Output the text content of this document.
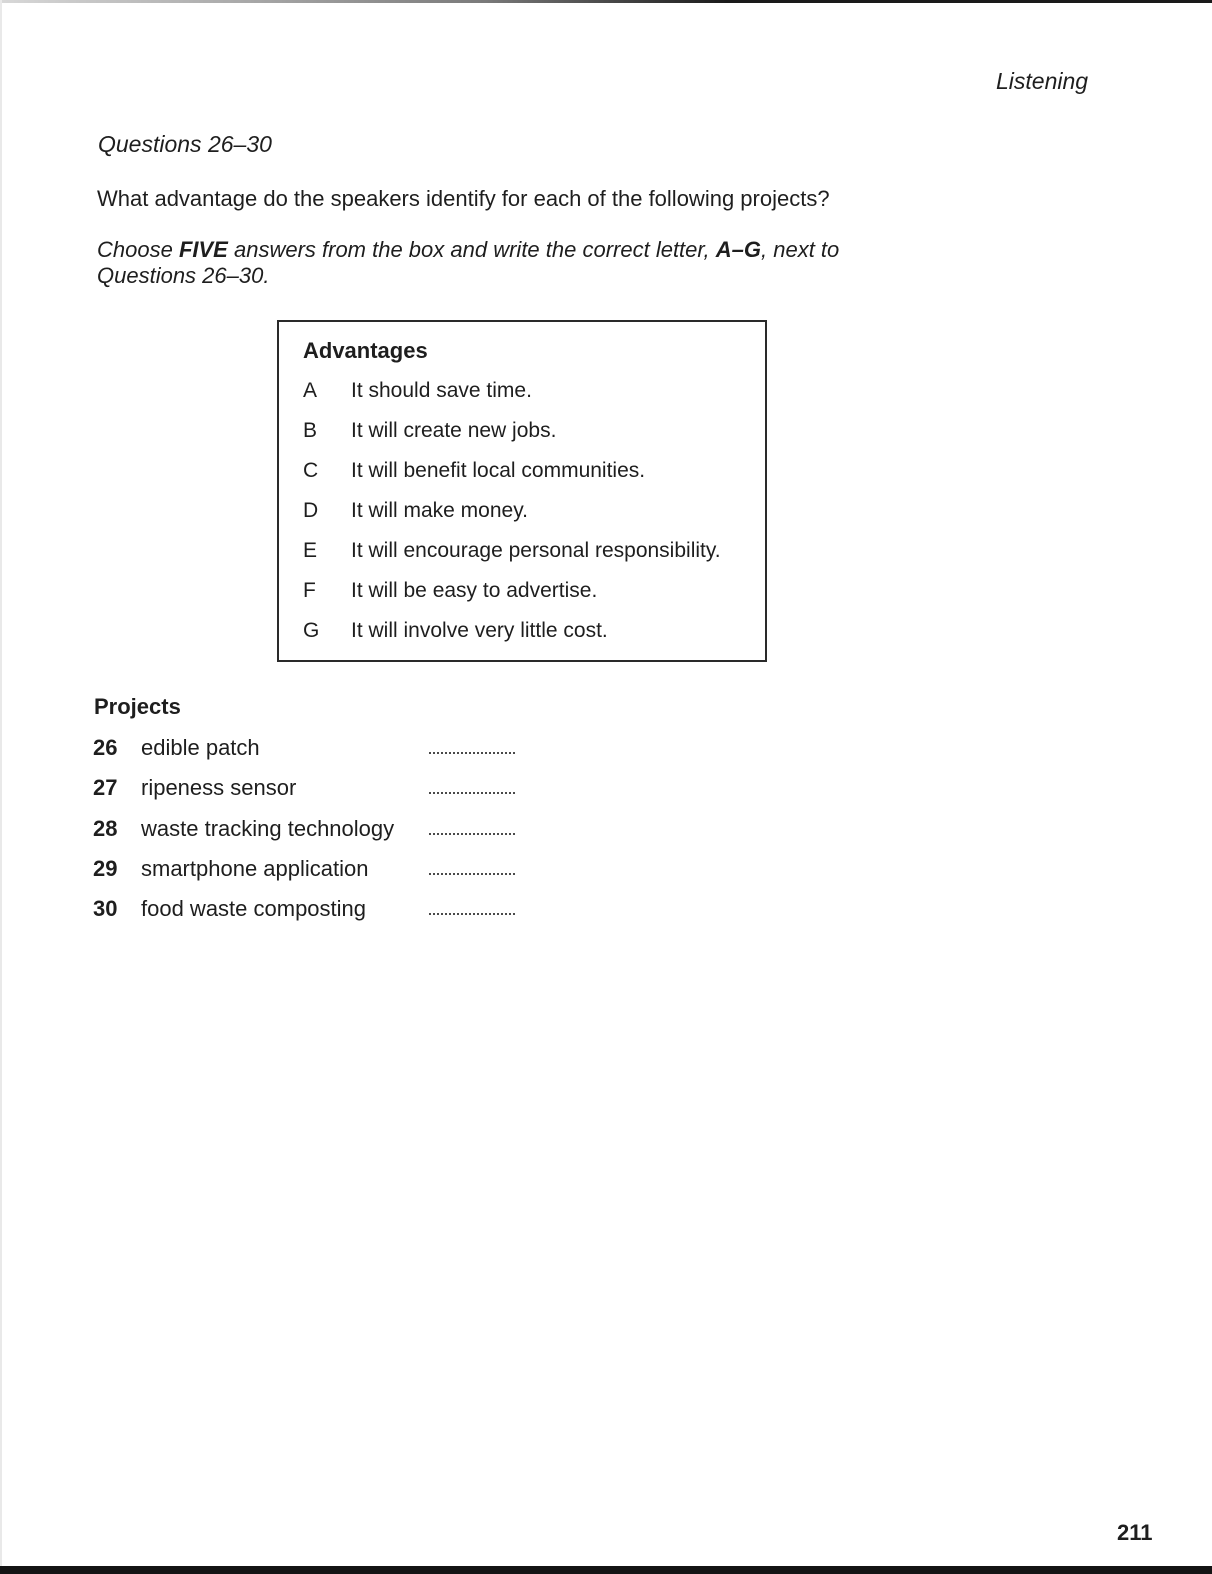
Listening
Questions 26–30
What advantage do the speakers identify for each of the following projects?
Choose FIVE answers from the box and write the correct letter, A–G, next to Questions 26–30.
Advantages
A	It should save time.
B	It will create new jobs.
C	It will benefit local communities.
D	It will make money.
E	It will encourage personal responsibility.
F	It will be easy to advertise.
G	It will involve very little cost.
Projects
26 edible patch
27 ripeness sensor
28 waste tracking technology
29 smartphone application
30 food waste composting
211
